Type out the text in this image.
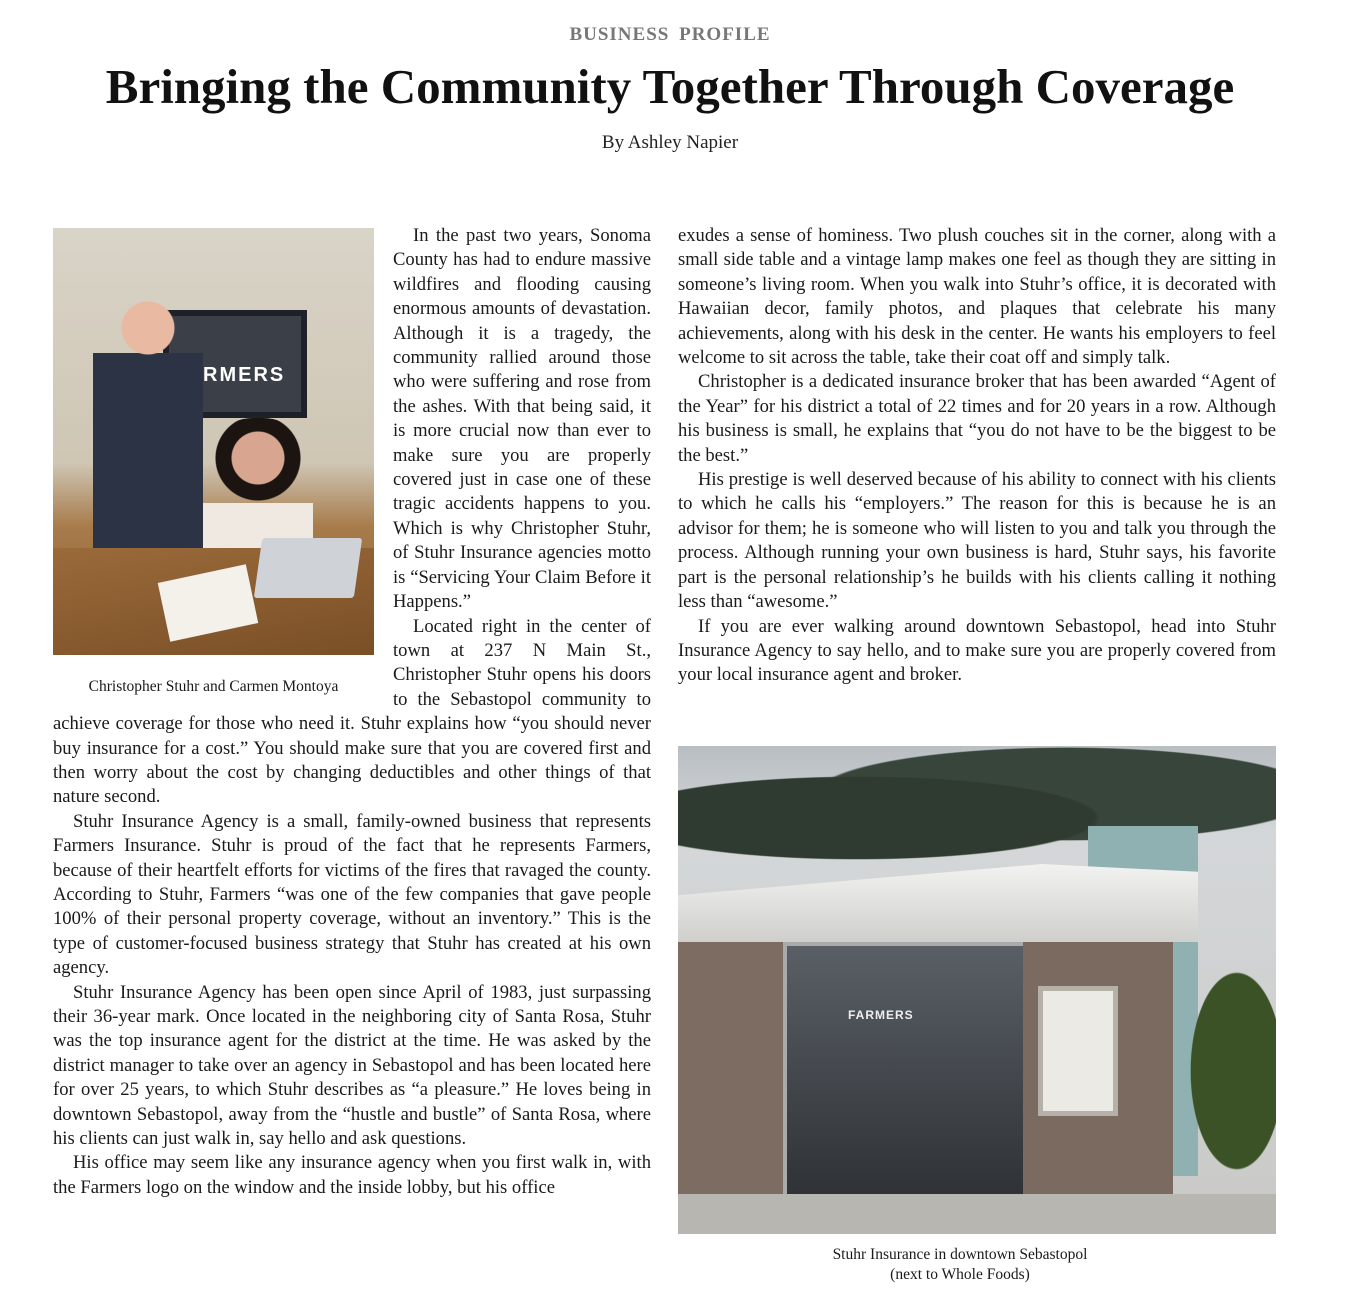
BUSINESS PROFILE
Bringing the Community Together Through Coverage
By Ashley Napier
RMERS
Christopher Stuhr and Carmen Montoya

In the past two years, Sonoma County has had to endure massive wildfires and flooding causing enormous amounts of devastation. Although it is a tragedy, the community rallied around those who were suffering and rose from the ashes. With that being said, it is more crucial now than ever to make sure you are properly covered just in case one of these tragic accidents happens to you. Which is why Christopher Stuhr, of Stuhr Insurance agencies motto is “Servicing Your Claim Before it Happens.”

Located right in the center of town at 237 N Main St., Christopher Stuhr opens his doors to the Sebastopol community to achieve coverage for those who need it. Stuhr explains how “you should never buy insurance for a cost.” You should make sure that you are covered first and then worry about the cost by changing deductibles and other things of that nature second.

Stuhr Insurance Agency is a small, family-owned business that represents Farmers Insurance. Stuhr is proud of the fact that he represents Farmers, because of their heartfelt efforts for victims of the fires that ravaged the county. According to Stuhr, Farmers “was one of the few companies that gave people 100% of their personal property coverage, without an inventory.” This is the type of customer-focused business strategy that Stuhr has created at his own agency.

Stuhr Insurance Agency has been open since April of 1983, just surpassing their 36-year mark. Once located in the neighboring city of Santa Rosa, Stuhr was the top insurance agent for the district at the time. He was asked by the district manager to take over an agency in Sebastopol and has been located here for over 25 years, to which Stuhr describes as “a pleasure.” He loves being in downtown Sebastopol, away from the “hustle and bustle” of Santa Rosa, where his clients can just walk in, say hello and ask questions.

His office may seem like any insurance agency when you first walk in, with the Farmers logo on the window and the inside lobby, but his office

exudes a sense of hominess. Two plush couches sit in the corner, along with a small side table and a vintage lamp makes one feel as though they are sitting in someone’s living room. When you walk into Stuhr’s office, it is decorated with Hawaiian decor, family photos, and plaques that celebrate his many achievements, along with his desk in the center. He wants his employers to feel welcome to sit across the table, take their coat off and simply talk.

Christopher is a dedicated insurance broker that has been awarded “Agent of the Year” for his district a total of 22 times and for 20 years in a row. Although his business is small, he explains that “you do not have to be the biggest to be the best.”

His prestige is well deserved because of his ability to connect with his clients to which he calls his “employers.” The reason for this is because he is an advisor for them; he is someone who will listen to you and talk you through the process. Although running your own business is hard, Stuhr says, his favorite part is the personal relationship’s he builds with his clients calling it nothing less than “awesome.”

If you are ever walking around downtown Sebastopol, head into Stuhr Insurance Agency to say hello, and to make sure you are properly covered from your local insurance agent and broker.

FARMERS
Stuhr Insurance in downtown Sebastopol
(next to Whole Foods)
